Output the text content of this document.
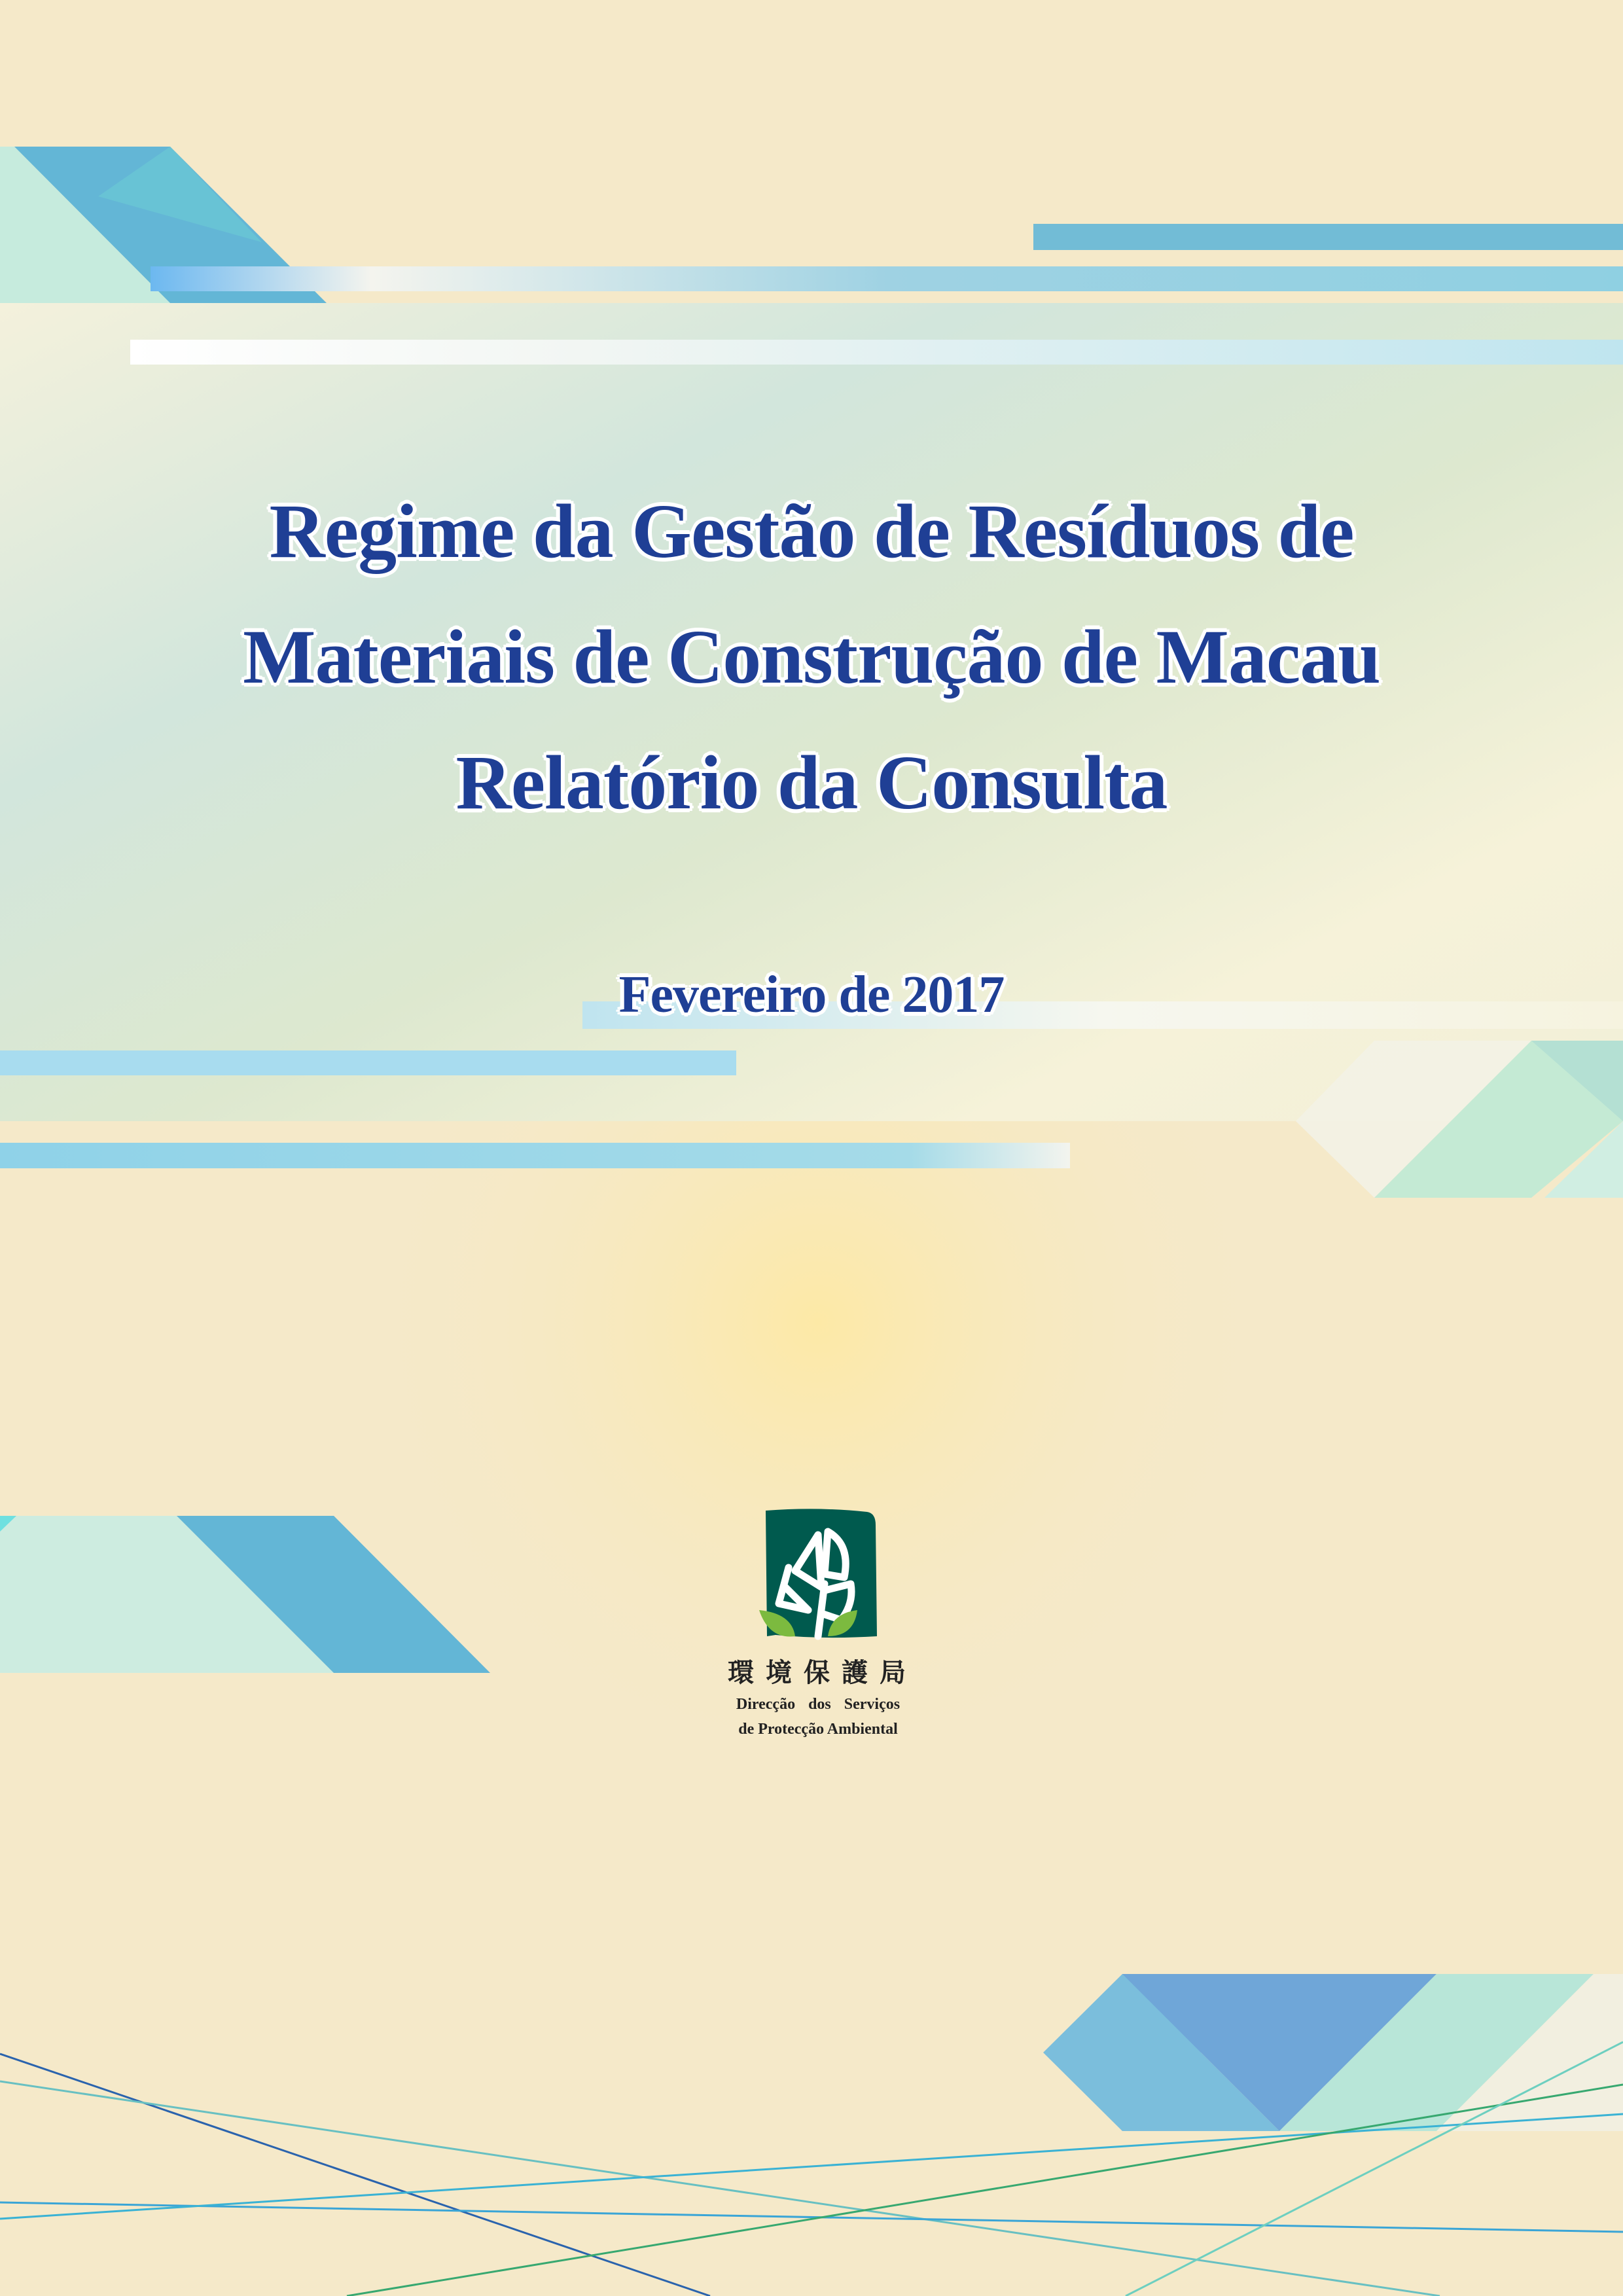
Regime da Gestão de Resíduos de
Materiais de Construção de Macau
Relatório da Consulta
Fevereiro de 2017
環 境 保 護 局
Direcção dos Serviços
de Protecção Ambiental
